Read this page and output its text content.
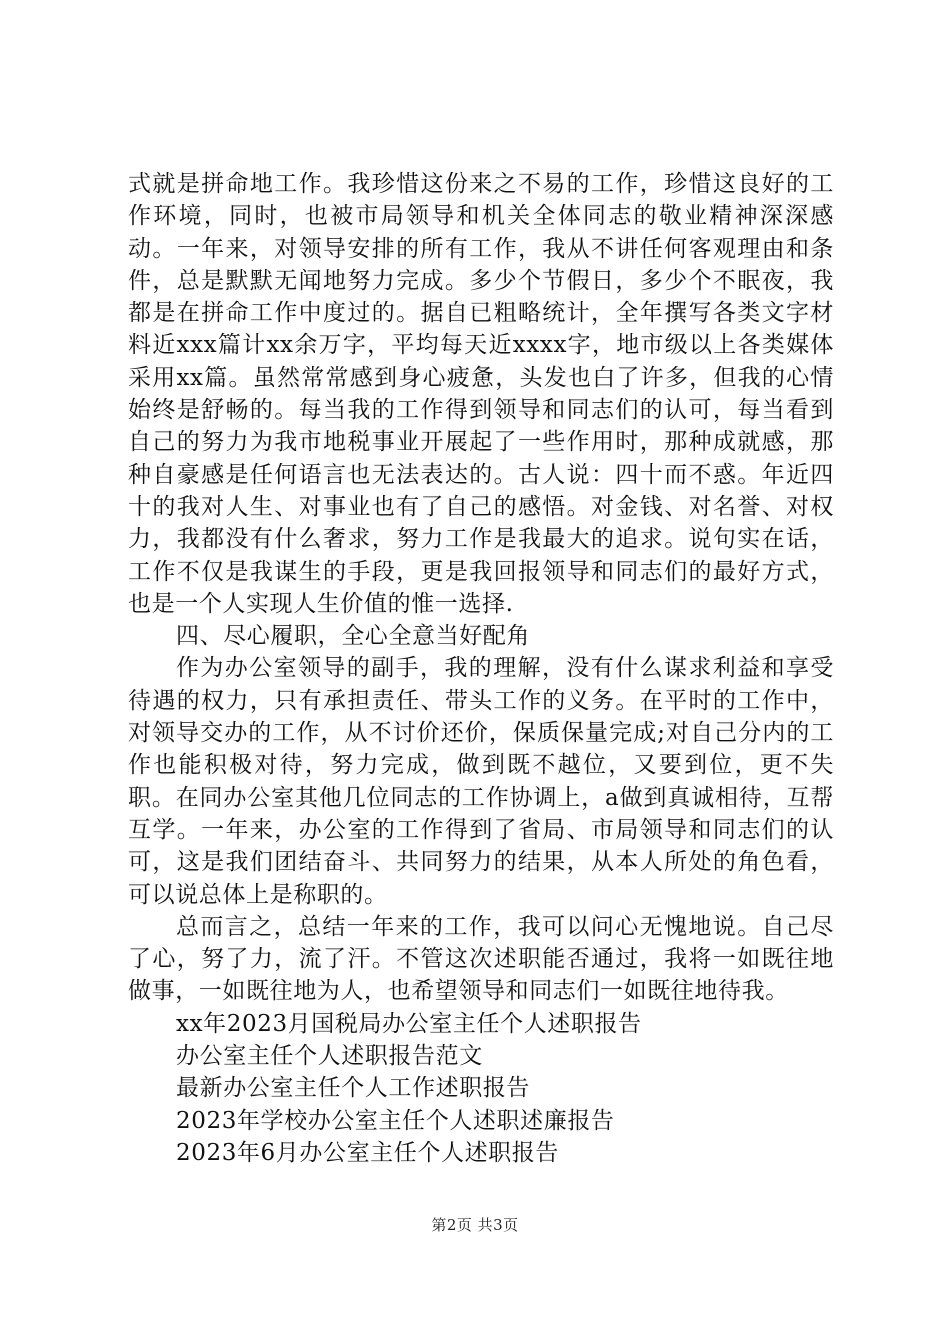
式就是拼命地工作。我珍惜这份来之不易的工作，珍惜这良好的工作环境，同时，也被市局领导和机关全体同志的敬业精神深深感动。一年来，对领导安排的所有工作，我从不讲任何客观理由和条件，总是默默无闻地努力完成。多少个节假日，多少个不眠夜，我都是在拼命工作中度过的。据自已粗略统计，全年撰写各类文字材料近xxx篇计xx余万字，平均每天近xxxx字，地市级以上各类媒体采用xx篇。虽然常常感到身心疲惫，头发也白了许多，但我的心情始终是舒畅的。每当我的工作得到领导和同志们的认可，每当看到自己的努力为我市地税事业开展起了一些作用时，那种成就感，那种自豪感是任何语言也无法表达的。古人说：四十而不惑。年近四十的我对人生、对事业也有了自己的感悟。对金钱、对名誉、对权力，我都没有什么奢求，努力工作是我最大的追求。说句实在话，工作不仅是我谋生的手段，更是我回报领导和同志们的最好方式，也是一个人实现人生价值的惟一选择.

四、尽心履职，全心全意当好配角

作为办公室领导的副手，我的理解，没有什么谋求利益和享受待遇的权力，只有承担责任、带头工作的义务。在平时的工作中，对领导交办的工作，从不讨价还价，保质保量完成;对自己分内的工作也能积极对待，努力完成，做到既不越位，又要到位，更不失职。在同办公室其他几位同志的工作协调上，a做到真诚相待，互帮互学。一年来，办公室的工作得到了省局、市局领导和同志们的认可，这是我们团结奋斗、共同努力的结果，从本人所处的角色看，可以说总体上是称职的。

总而言之，总结一年来的工作，我可以问心无愧地说。自己尽了心，努了力，流了汗。不管这次述职能否通过，我将一如既往地做事，一如既往地为人，也希望领导和同志们一如既往地待我。

xx年2023月国税局办公室主任个人述职报告
办公室主任个人述职报告范文
最新办公室主任个人工作述职报告
2023年学校办公室主任个人述职述廉报告
2023年6月办公室主任个人述职报告
第2页 共3页
